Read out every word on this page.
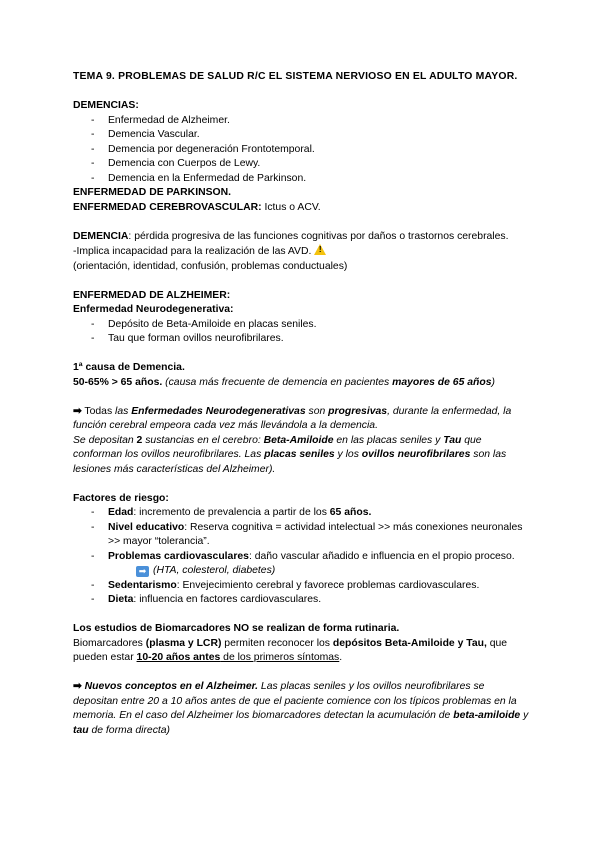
TEMA 9. PROBLEMAS DE SALUD R/C EL SISTEMA NERVIOSO EN EL ADULTO MAYOR.

DEMENCIAS:

- Enfermedad de Alzheimer.
- Demencia Vascular.
- Demencia por degeneración Frontotemporal.
- Demencia con Cuerpos de Lewy.
- Demencia en la Enfermedad de Parkinson.

ENFERMEDAD DE PARKINSON.

ENFERMEDAD CEREBROVASCULAR: Ictus o ACV.

DEMENCIA: pérdida progresiva de las funciones cognitivas por daños o trastornos cerebrales.

-Implica incapacidad para la realización de las AVD.!

(orientación, identidad, confusión, problemas conductuales)

ENFERMEDAD DE ALZHEIMER:

Enfermedad Neurodegenerativa:

- Depósito de Beta-Amiloide en placas seniles.
- Tau que forman ovillos neurofibrilares.

1ª causa de Demencia.

50-65% > 65 años. (causa más frecuente de demencia en pacientes mayores de 65 años)

➡ Todas las Enfermedades Neurodegenerativas son progresivas, durante la enfermedad, la función cerebral empeora cada vez más llevándola a la demencia.
Se depositan 2 sustancias en el cerebro: Beta-Amiloide en las placas seniles y Tau que conforman los ovillos neurofibrilares. Las placas seniles y los ovillos neurofibrilares son las lesiones más características del Alzheimer).

Factores de riesgo:

- Edad: incremento de prevalencia a partir de los 65 años.
- Nivel educativo: Reserva cognitiva = actividad intelectual >> más conexiones neuronales >> mayor “tolerancia”.
- Problemas cardiovasculares: daño vascular añadido e influencia en el propio proceso.➡ (HTA, colesterol, diabetes)
- Sedentarismo: Envejecimiento cerebral y favorece problemas cardiovasculares.
- Dieta: influencia en factores cardiovasculares.

Los estudios de Biomarcadores NO se realizan de forma rutinaria.

Biomarcadores (plasma y LCR) permiten reconocer los depósitos Beta-Amiloide y Tau, que pueden estar 10-20 años antes de los primeros síntomas.

➡ Nuevos conceptos en el Alzheimer. Las placas seniles y los ovillos neurofibrilares se depositan entre 20 a 10 años antes de que el paciente comience con los típicos problemas en la memoria. En el caso del Alzheimer los biomarcadores detectan la acumulación de beta-amiloide y tau de forma directa)
